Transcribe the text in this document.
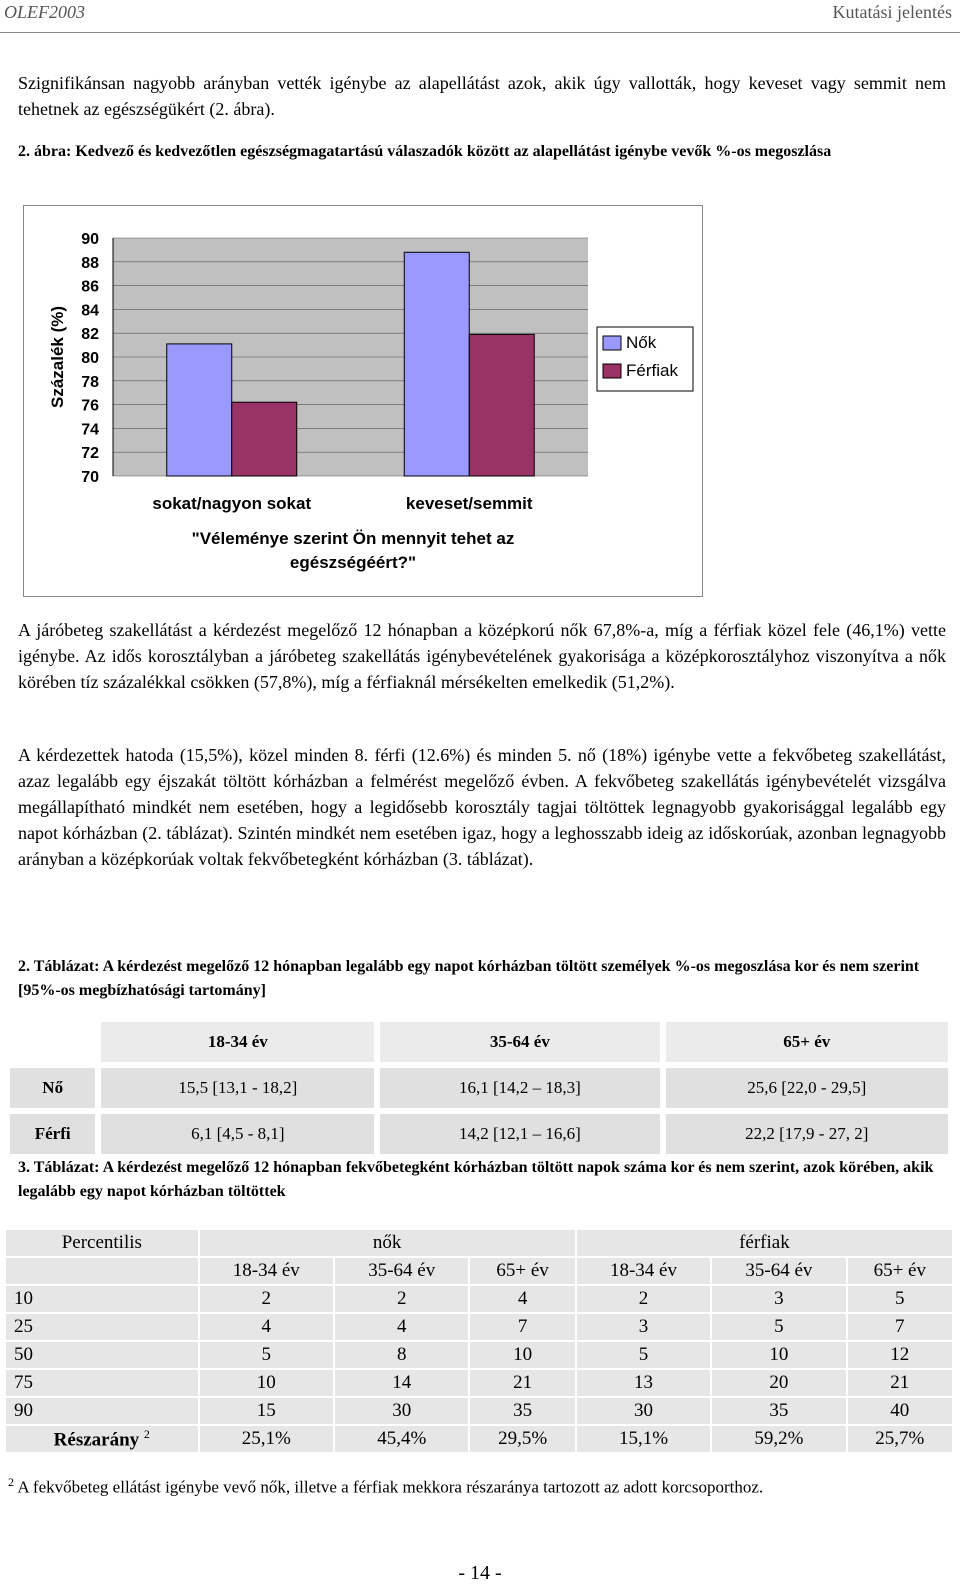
OLEF2003	Kutatási jelentés
Szignifikánsan nagyobb arányban vették igénybe az alapellátást azok, akik úgy vallották, hogy keveset vagy semmit nem tehetnek az egészségükért (2. ábra).
2. ábra: Kedvező és kedvezőtlen egészségmagatartású válaszadók között az alapellátást igénybe vevők %-os megoszlása
90
88
86
84
82
80
78
76
74
72
70
sokat/nagyon sokat	keveset/semmit
Százalék (%)
"Véleménye szerint Ön mennyit tehet az
egészségéért?"
Nők
Férfiak
A járóbeteg szakellátást a kérdezést megelőző 12 hónapban a középkorú nők 67,8%-a, míg a férfiak közel fele (46,1%) vette igénybe. Az idős korosztályban a járóbeteg szakellátás igénybevételének gyakorisága a középkorosztályhoz viszonyítva a nők körében tíz százalékkal csökken (57,8%), míg a férfiaknál mérsékelten emelkedik (51,2%).
A kérdezettek hatoda (15,5%), közel minden 8. férfi (12.6%) és minden 5. nő (18%) igénybe vette a fekvőbeteg szakellátást, azaz legalább egy éjszakát töltött kórházban a felmérést megelőző évben. A fekvőbeteg szakellátás igénybevételét vizsgálva megállapítható mindkét nem esetében, hogy a legidősebb korosztály tagjai töltöttek legnagyobb gyakorisággal legalább egy napot kórházban (2. táblázat). Szintén mindkét nem esetében igaz, hogy a leghosszabb ideig az időskorúak, azonban legnagyobb arányban a középkorúak voltak fekvőbetegként kórházban (3. táblázat).
2. Táblázat: A kérdezést megelőző 12 hónapban legalább egy napot kórházban töltött személyek %-os megoszlása kor és nem szerint [95%-os megbízhatósági tartomány]
	18-34 év	35-64 év	65+ év
Nő	15,5 [13,1 - 18,2]	16,1 [14,2 – 18,3]	25,6 [22,0 - 29,5]
Férfi	6,1 [4,5 - 8,1]	14,2 [12,1 – 16,6]	22,2 [17,9 - 27, 2]
3. Táblázat: A kérdezést megelőző 12 hónapban fekvőbetegként kórházban töltött napok száma kor és nem szerint, azok körében, akik legalább egy napot kórházban töltöttek
Percentilis	nők			férfiak		
	18-34 év	35-64 év	65+ év	18-34 év	35-64 év	65+ év
10	2	2	4	2	3	5
25	4	4	7	3	5	7
50	5	8	10	5	10	12
75	10	14	21	13	20	21
90	15	30	35	30	35	40
Részarány $^2$	25,1%	45,4%	29,5%	15,1%	59,2%	25,7%
$^2$ A fekvőbeteg ellátást igénybe vevő nők, illetve a férfiak mekkora részaránya tartozott az adott korcsoporthoz.
- 14 -
